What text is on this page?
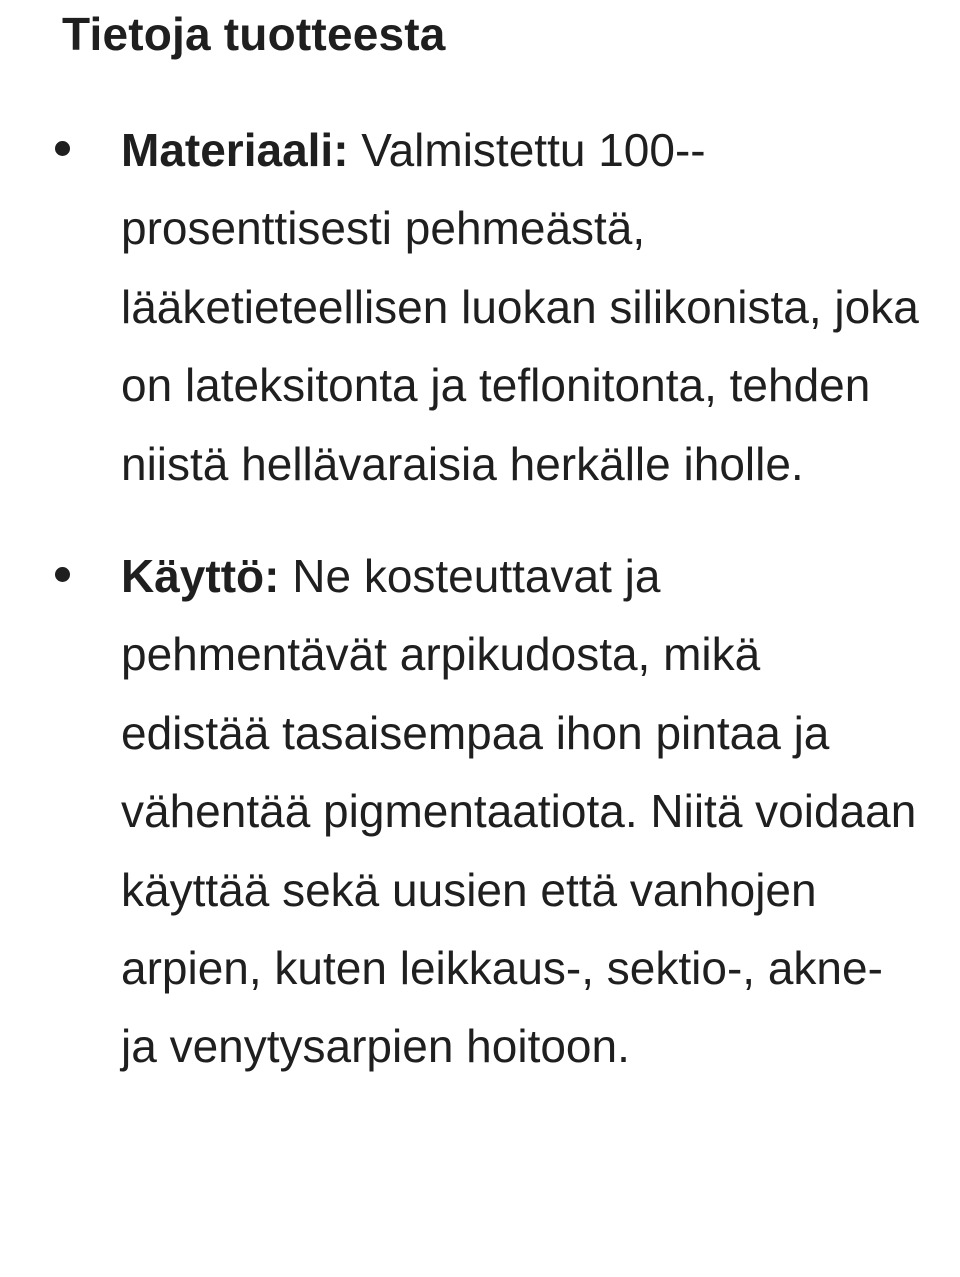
Tietoja tuotteesta
Materiaali: Valmistettu 100-prosenttisesti pehmeästä, lääketieteellisen luokan silikonista, joka on lateksitonta ja teflonitonta, tehden niistä hellävaraisia herkälle iholle.
Käyttö: Ne kosteuttavat ja pehmentävät arpikudosta, mikä edistää tasaisempaa ihon pintaa ja vähentää pigmentaatiota. Niitä voidaan käyttää sekä uusien että vanhojen arpien, kuten leikkaus-, sektio-, akne- ja venytysarpien hoitoon.
